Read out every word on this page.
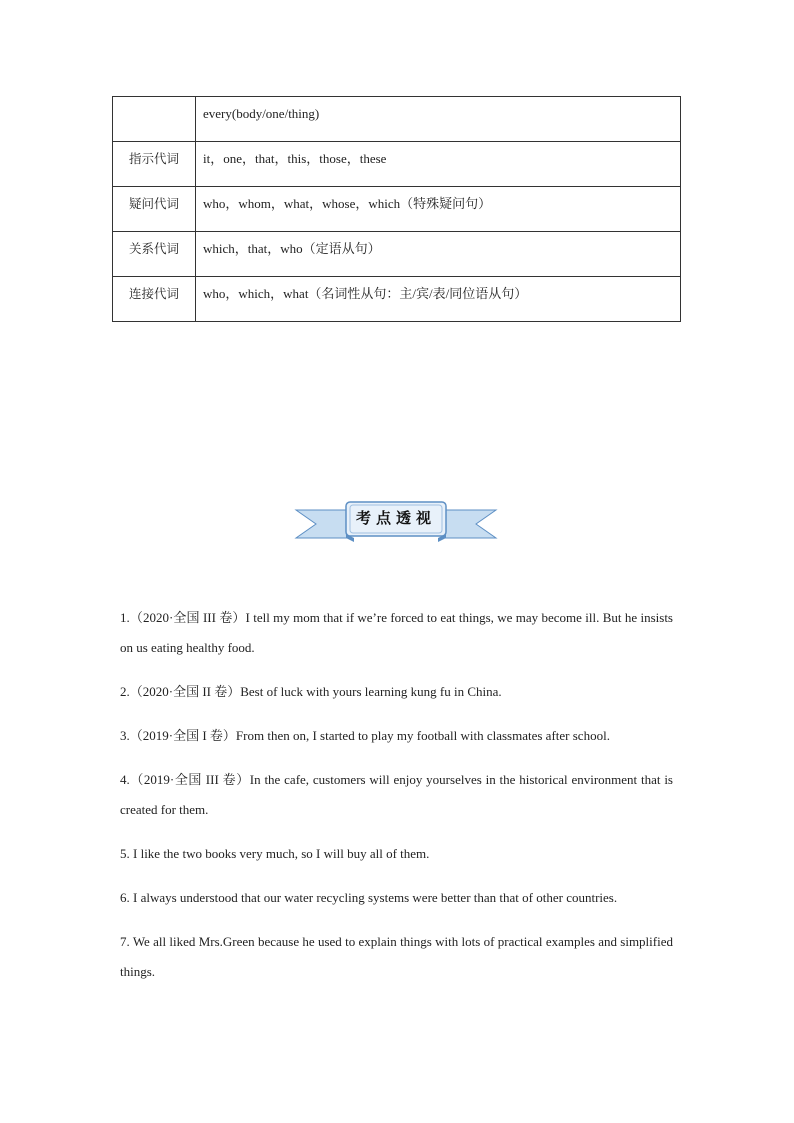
	every(body/one/thing)

指示代词	it，one，that，this，those，these

疑问代词	who，whom，what，whose，which（特殊疑问句）

关系代词	which，that，who（定语从句）

连接代词	who，which，what（名词性从句：主/宾/表/同位语从句）
考点透视

1.（2020·全国 III 卷）I tell my mom that if we’re forced to eat things, we may become ill. But he insists on us eating healthy food.

2.（2020·全国 II 卷）Best of luck with yours learning kung fu in China.

3.（2019·全国 I 卷）From then on, I started to play my football with classmates after school.

4.（2019·全国 III 卷）In the cafe, customers will enjoy yourselves in the historical environment that is created for them.

5. I like the two books very much, so I will buy all of them.

6. I always understood that our water recycling systems were better than that of other countries.

7. We all liked Mrs.Green because he used to explain things with lots of practical examples and simplified things.
